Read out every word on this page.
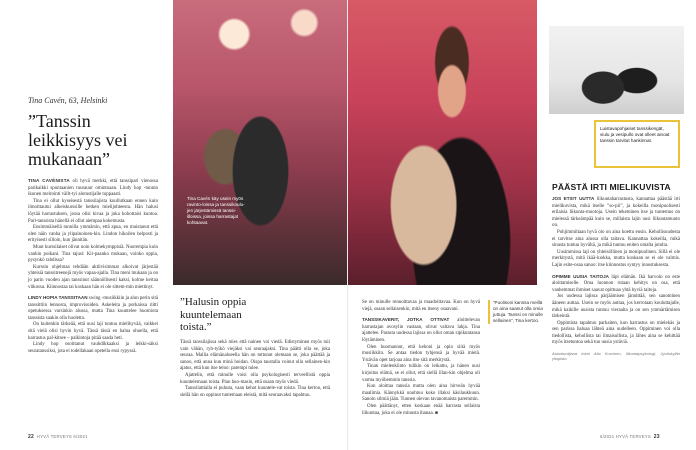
Tina Cavén käy usein myös ravinto-loissa ja tanssikoulu-jen järjestämissä tanssi-illoissa, joissa harrastajat kohtaavat.
Tina Cavén, 63, Helsinki

”Tanssin

leikkisyys vei

mukanaan”

TINA CAVÉNISTA oli hyvä merkki, että tanssipari vienossa parikaikki spontaanien tuurauur omintoaan. Lindy hop -tunnin ikonen melrointi vällt-tyi alotustijalle toppaasti.

Tina ei ollut kyseisestä tanssilajista kuullutkaan ennen kuin ilmoittautui alkeiskurssille hetken mielijohteesta. Hän halusi löytää harrastuksen, jossa olisi kivaa ja joka kohottaisi kuntoa. Parl-tanssista hänellä ei ollut aiempaa kokemusta.

Ensimmäisellä tunnilla ymmärsin, että apua, en muistanut että olen näin vanha ja ylipainoinen-kin. Lindon hikoilen helposti ja erityisesti silloin, kun jännitän.

Muut kurssilaiset olivat noin kolmekymppisiä. Nuorempia kuin vanhin poikani. Tina tajusi: Kir-paanko mukaan, voinko oppia, pysynkö rahdissa?

Kurssin ohjelmaa tehdään aktiivisimmat alkoivat järjestää yhteisiä tanssitreenejä myös vapaa-ajalla. Tina meni mukaan ja on jo parin vuoden ajan tanssinut säännöllisesti kaksi, kolme kertaa viikossa. Kiinnostaa tai koskaan hän ei ole sittem-min miettinyt.

LINDY HOPIA TANSSITAAN swing -musiikkiin ja alun perin sitä tanssittiin lennosta, improvisoiden. Askeleita ja porkaissa riitti opetuksessa varsinkin alussa, mutta Tina kuuntelee huomiota tanssista saakin olla huoletta.

On kuitenkin tärkeää, että uusi laji tuntuu mielihyvää, vaikkei sitä vielä olisi hyvin hyvä. Tässä tässä en halua ohuella, että harrastus pal-kitsee – palkintoja pitää saada heti.

Lindy hop osoittanut vauhdikkaaksi ja leikki-säksi seuratanssiksi, jota ei todellakaan opetella ensi rypyssä.

”Halusin oppia
kuuntelemaan
toista.”

Tässä tanssilajissa sekä mies että nainen voi viedä. Edistyminen myös tuli vain vähän, ryh-tyikö viejäksi vai seuraajaksi. Tina päätti olla se, joka seuraa. Mallia elämänalueella hän on tottunut olemaan se, joka päättää ja sanoo, että anna kun minä hoidan. Oispa taustalla voinut olla sellainen-kin ajatus, että kun itse teloo: parempi tulee.

Ajattelin, että minulle voisi olla psykologisesti terveellistä oppia kuuntelemaan toista. Plan huo-masin, että osaan myös viedä.

Tanssilattialla ei puhuta, vaan kehot kuuntele-vat toista. Tina kertoo, että siellä hän on oppinut tuntemaan eleistä, mitä seuraavaksi tapahtuu.

22 HYVÄ TERVEYS 6/2021
Luistavapohjaiset tanssikengät, viulu ja vesipullo ovat olleet ainoat tanssin tarvitut hankinnat.

Se on minulle rennoittavaa ja maadoittavaa. Kun on hyvä viejä, osaan sellaisenkin, mitä en itseny osaavani.

TANSSIKAVERIT, JOTKA OTTIVAT aloittelevan harrastajan avosylin vastaan, olivat valtava lahja. Tina ajattelee. Parasta uudessa lajissa on ollut oman sipikuntansa löytäminen.

Olen huomannut, että kehoni ja opin siitä myös musiikkiin. Se antaa tiedon tyhjensä ja hyvää mielä. Ystävän opet tarjoaa aina itse sitä merkitystä.

Tinan mielenkiinto tulikin on leikattu, ja hänen uusi kirjoitus elämä, se ei ollut, että siellä illan-kin ohjelma oli varma myöhemmin tanssia.

Kun aloittaa tanssia mutta olen aina hirveän hyvää maalimia. Kännykkä unohtuu koko illaksi käsilaukkuun. Sanoin silmiä jään. Tunnen olevan tavanomaista paremmin.

Olen päättänyt, etten koskaan enää harrasta sellaista liikuntaa, joka ei ole minusta ihanaa. ■

”Puolisoni kanssa meillä on aina saanut olla omia juttuja. Tanssi on minulle sellainen”, Tina kertoo.
PÄÄSTÄ IRTI MIELIKUVISTA

JOS ETSIT UUTTA liikuntaharrastusta, kannattaa päästää irti mielikuvista, mikä itselle ”so-pii”, ja kokeilla monipuolisesti erilaisia liikunta-muotoja. Usein tekeminen itse ja tuntemus on mielessä tärkeämpää kuin se, millaista lajin uusi liikuntamuoto on.

Pohjimmiltaan hyvä olo on aina koettu ensin. Kehollisuudesta ei tarvitse aina alussa olla taitava. Kannattaa kokeilla, mikä sinusta tuntuu hyvältä, ja mikä tuntuu eniten omalta jutulta.

Uusimmissa laji on yhteisöllinen ja monipuolinen. Sillä ei ole merkitystä, mitä ikää-luokka, mutta koskaan se ei ole valmis. Lajin esite-osaa sanoo: itse kiinnostus syntyy innostuksesta.

OPIMME UUSIA TAITOJA läpi elämän. Ikä harvoin on este aloittamiselle. Oma luonnon rutaan kehitys on osa, että vanhemmat ihmiset saavat opittuaa yhtä hyviä taitoja.

Jos uudessa lajissa pärjäämisen jännittää, sen sanominen ääneen auttaa. Usein se myös auttaa, jos kerrotaan kouluttajalle, mikä kaikille uusista tuntuu vieraalta ja on sen ymmärtämisen tärkeintä.

Oppimista tapahtuu parhaiten, kun harrastus on mielekäs ja sen parissa haluaa lähteä aina uudelleen. Oppiminen voi olla tiedollista, kehollista tai ilmaisullista, ja lähes aina se kehittää myös itsetuntoa sekä tuo uusia ystäviä.

Asiantuntijana toimi Aila Kurvinen, liikuntapsykologi, Jyväskylän yliopisto.

6/2021 HYVÄ TERVEYS 23
